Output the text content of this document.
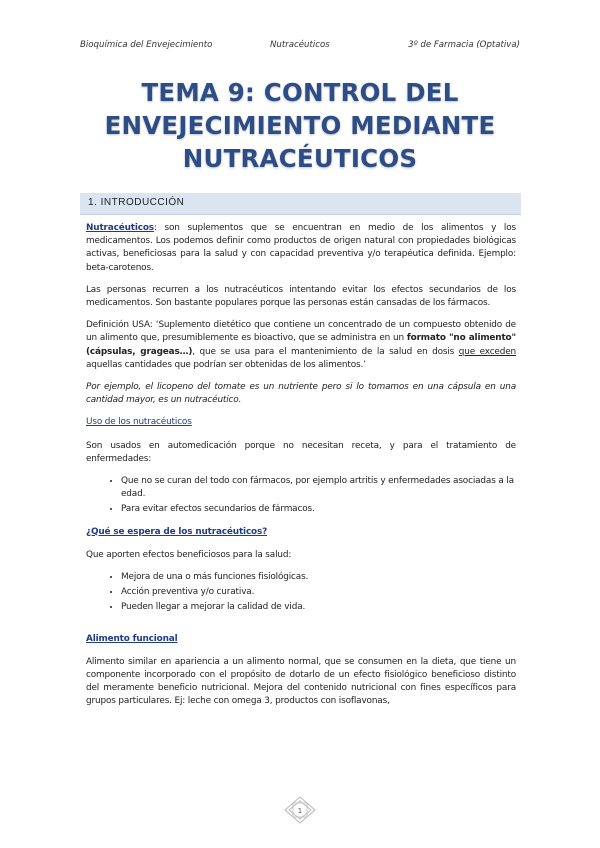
Bioquímica del Envejecimiento	Nutracéuticos	3º de Farmacia (Optativa)
TEMA 9: CONTROL DEL
ENVEJECIMIENTO MEDIANTE
NUTRACÉUTICOS
1. INTRODUCCIÓN

Nutracéuticos: son suplementos que se encuentran en medio de los alimentos y los medicamentos. Los podemos definir como productos de origen natural con propiedades biológicas activas, beneficiosas para la salud y con capacidad preventiva y/o terapéutica definida. Ejemplo: beta-carotenos.

Las personas recurren a los nutracéuticos intentando evitar los efectos secundarios de los medicamentos. Son bastante populares porque las personas están cansadas de los fármacos.

Definición USA: ‘Suplemento dietético que contiene un concentrado de un compuesto obtenido de un alimento que, presumiblemente es bioactivo, que se administra en un formato "no alimento" (cápsulas, grageas…), que se usa para el mantenimiento de la salud en dosis que exceden aquellas cantidades que podrían ser obtenidas de los alimentos.’

Por ejemplo, el licopeno del tomate es un nutriente pero si lo tomamos en una cápsula en una cantidad mayor, es un nutracéutico.

Uso de los nutracéuticos

Son usados en automedicación porque no necesitan receta, y para el tratamiento de enfermedades:

• Que no se curan del todo con fármacos, por ejemplo artritis y enfermedades asociadas a la edad.
• Para evitar efectos secundarios de fármacos.
¿Qué se espera de los nutracéuticos?

Que aporten efectos beneficiosos para la salud:

• Mejora de una o más funciones fisiológicas.
• Acción preventiva y/o curativa.
• Pueden llegar a mejorar la calidad de vida.
Alimento funcional

Alimento similar en apariencia a un alimento normal, que se consumen en la dieta, que tiene un componente incorporado con el propósito de dotarlo de un efecto fisiológico beneficioso distinto del meramente beneficio nutricional. Mejora del contenido nutricional con fines específicos para grupos particulares. Ej: leche con omega 3, productos con isoflavonas,

1
